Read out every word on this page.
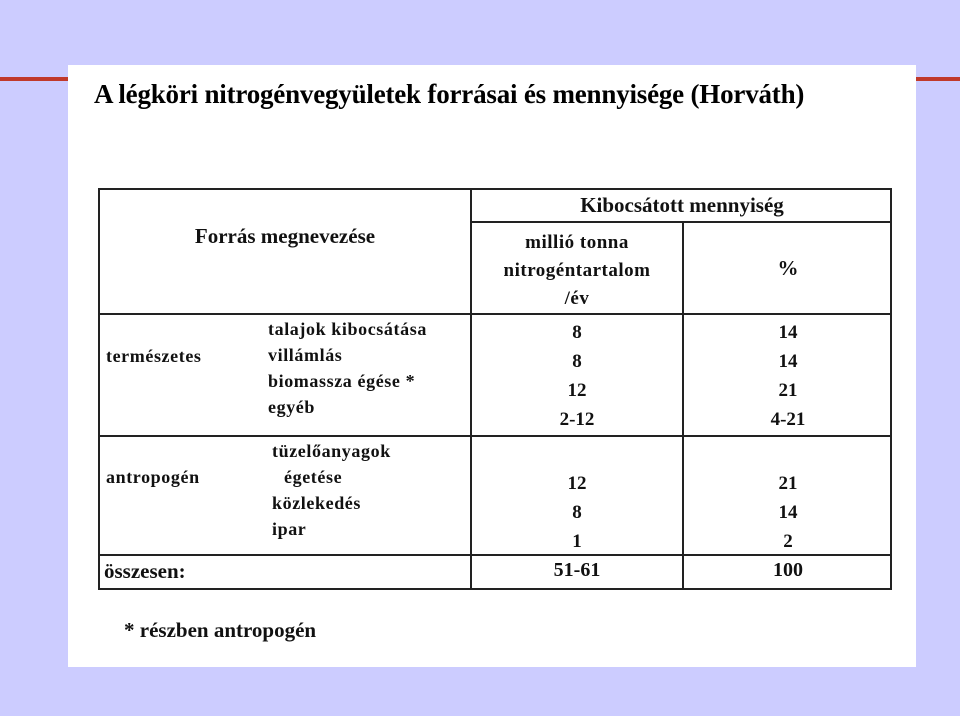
A légköri nitrogénvegyületek forrásai és mennyisége (Horváth)
Forrás megnevezése
Kibocsátott mennyiség
millió tonna
nitrogéntartalom
/év
%
természetes
talajok kibocsátása
villámlás
biomassza égése *
egyéb
8
8
12
2-12
14
14
21
4-21
antropogén
tüzelőanyagok
égetése
közlekedés
ipar
12
8
1
21
14
2
összesen:	51-61	100
* részben antropogén
